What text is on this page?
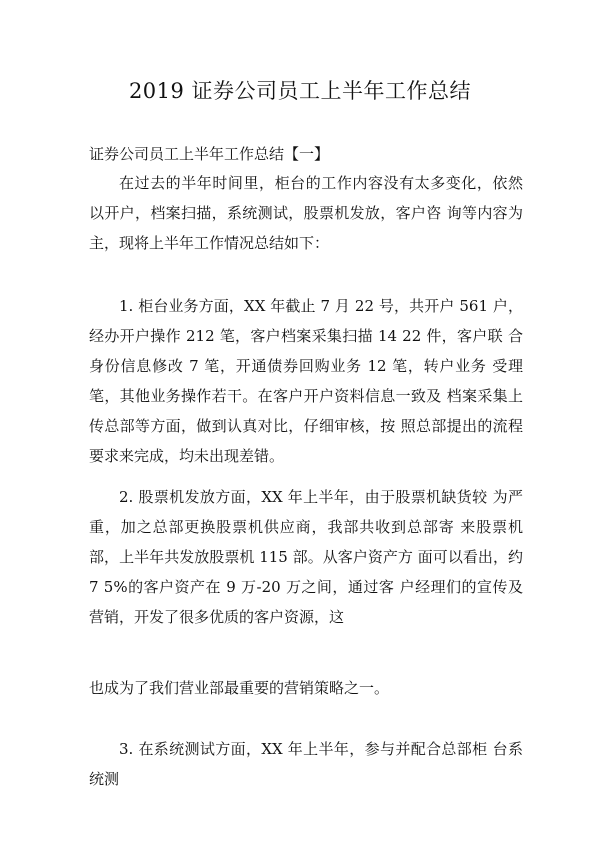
2019 证券公司员工上半年工作总结

证券公司员工上半年工作总结【一】

在过去的半年时间里，柜台的工作内容没有太多变化，依然以开户，档案扫描，系统测试，股票机发放，客户咨 询等内容为主，现将上半年工作情况总结如下：

1. 柜台业务方面，XX 年截止 7 月 22 号，共开户 561 户，经办开户操作 212 笔，客户档案采集扫描 14 22 件，客户联 合身份信息修改 7 笔，开通债券回购业务 12 笔，转户业务 受理笔，其他业务操作若干。在客户开户资料信息一致及 档案采集上传总部等方面，做到认真对比，仔细审核，按 照总部提出的流程要求来完成，均未出现差错。

2. 股票机发放方面，XX 年上半年，由于股票机缺货较 为严重，加之总部更换股票机供应商，我部共收到总部寄 来股票机部，上半年共发放股票机 115 部。从客户资产方 面可以看出，约 7 5%的客户资产在 9 万-20 万之间，通过客 户经理们的宣传及营销，开发了很多优质的客户资源，这

也成为了我们营业部最重要的营销策略之一。

3. 在系统测试方面，XX 年上半年，参与并配合总部柜 台系统测
